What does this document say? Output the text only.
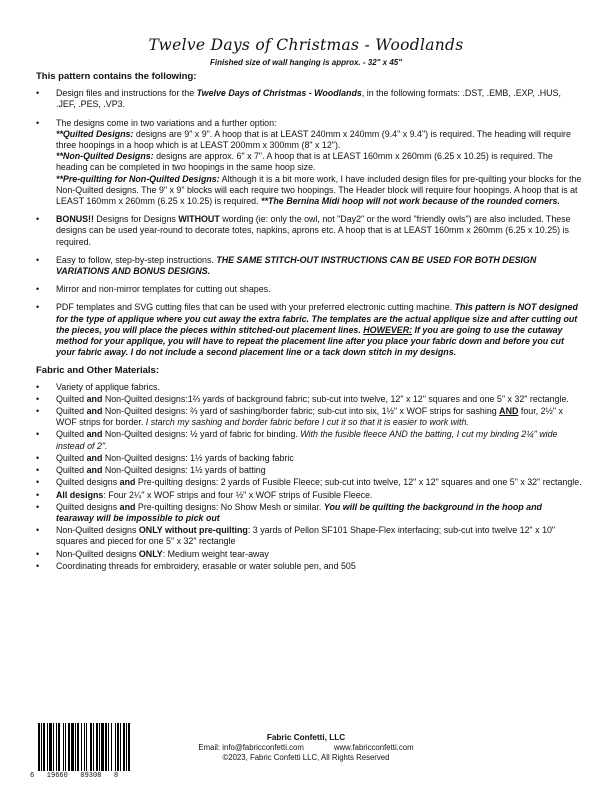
Twelve Days of Christmas - Woodlands
Finished size of wall hanging is approx. - 32" x 45"
This pattern contains the following:
• Design files and instructions for the Twelve Days of Christmas - Woodlands, in the following formats: .DST, .EMB, .EXP, .HUS, .JEF, .PES, .VP3.
• The designs come in two variations and a further option:
**Quilted Designs: designs are 9" x 9". A hoop that is at LEAST 240mm x 240mm (9.4" x 9.4") is required. The heading will require three hoopings in a hoop which is at LEAST 200mm x 300mm (8" x 12").
**Non-Quilted Designs: designs are approx. 6" x 7". A hoop that is at LEAST 160mm x 260mm (6.25 x 10.25) is required. The heading can be completed in two hoopings in the same hoop size.
**Pre-quilting for Non-Quilted Designs: Although it is a bit more work, I have included design files for pre-quilting your blocks for the Non-Quilted designs. The 9" x 9" blocks will each require two hoopings. The Header block will require four hoopings. A hoop that is at LEAST 160mm x 260mm (6.25 x 10.25) is required. **The Bernina Midi hoop will not work because of the rounded corners.
• BONUS!! Designs for Designs WITHOUT wording (ie: only the owl, not "Day2" or the word "friendly owls") are also included. These designs can be used year-round to decorate totes, napkins, aprons etc. A hoop that is at LEAST 160mm x 260mm (6.25 x 10.25) is required.
• Easy to follow, step-by-step instructions. THE SAME STITCH-OUT INSTRUCTIONS CAN BE USED FOR BOTH DESIGN VARIATIONS AND BONUS DESIGNS.
• Mirror and non-mirror templates for cutting out shapes.
• PDF templates and SVG cutting files that can be used with your preferred electronic cutting machine. This pattern is NOT designed for the type of applique where you cut away the extra fabric. The templates are the actual applique size and after cutting out the pieces, you will place the pieces within stitched-out placement lines. HOWEVER: If you are going to use the cutaway method for your applique, you will have to repeat the placement line after you place your fabric down and before you cut your fabric away. I do not include a second placement line or a tack down stitch in my designs.
Fabric and Other Materials:
• Variety of applique fabrics.
• Quilted and Non-Quilted designs:1⅔ yards of background fabric; sub-cut into twelve, 12" x 12" squares and one 5" x 32" rectangle.
• Quilted and Non-Quilted designs: ⅔ yard of sashing/border fabric; sub-cut into six, 1½" x WOF strips for sashing AND four, 2½" x WOF strips for border. I starch my sashing and border fabric before I cut it so that it is easier to work with.
• Quilted and Non-Quilted designs: ½ yard of fabric for binding. With the fusible fleece AND the batting, I cut my binding 2¼" wide instead of 2".
• Quilted and Non-Quilted designs: 1½ yards of backing fabric
• Quilted and Non-Quilted designs: 1½ yards of batting
• Quilted designs and Pre-quilting designs: 2 yards of Fusible Fleece; sub-cut into twelve, 12" x 12" squares and one 5" x 32" rectangle.
• All designs: Four 2¼" x WOF strips and four ½" x WOF strips of Fusible Fleece.
• Quilted designs and Pre-quilting designs: No Show Mesh or similar. You will be quilting the background in the hoop and tearaway will be impossible to pick out
• Non-Quilted designs ONLY without pre-quilting: 3 yards of Pellon SF101 Shape-Flex interfacing; sub-cut into twelve 12" x 10" squares and pieced for one 5" x 32" rectangle
• Non-Quilted designs ONLY: Medium weight tear-away
• Coordinating threads for embroidery, erasable or water soluble pen, and 505
6   19660   09308   8
Fabric Confetti, LLC
Email: info@fabricconfetti.com	www.fabricconfetti.com
©2023, Fabric Confetti LLC, All Rights Reserved
